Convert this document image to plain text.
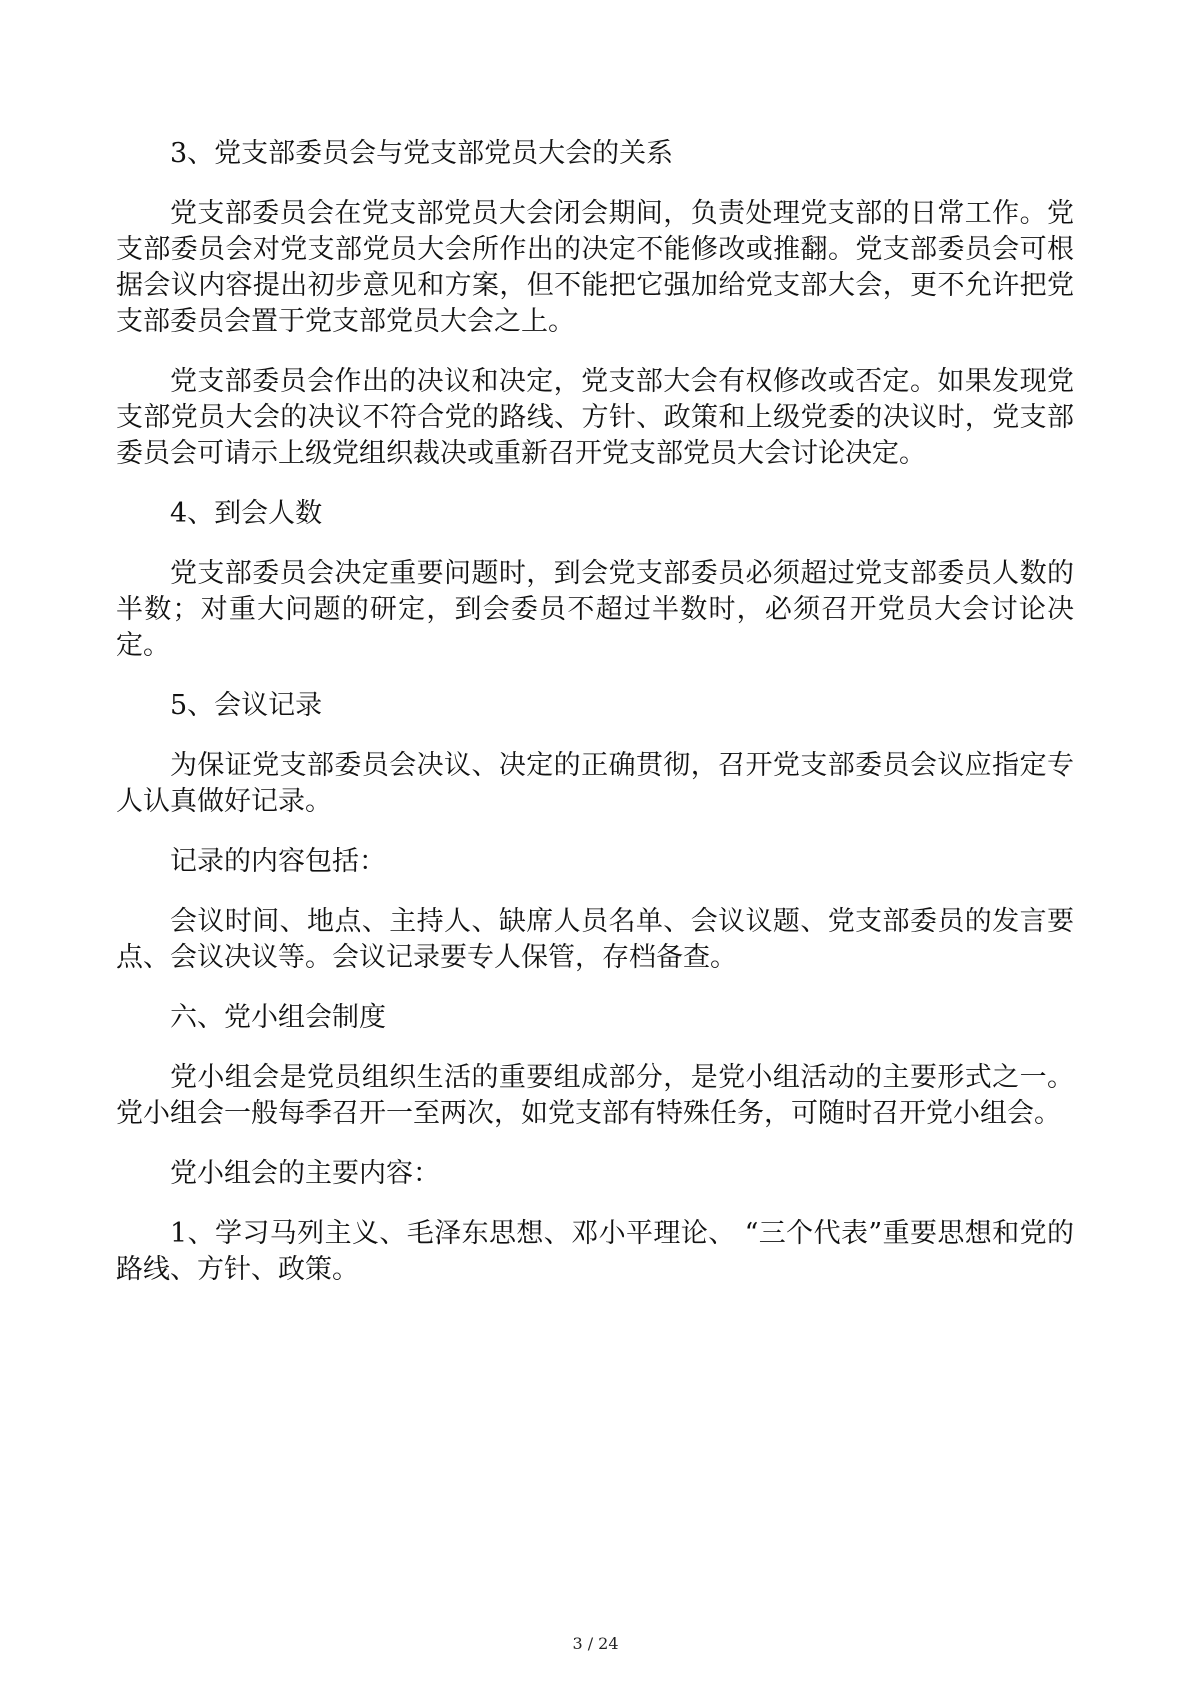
3、党支部委员会与党支部党员大会的关系

党支部委员会在党支部党员大会闭会期间，负责处理党支部的日常工作。党支部委员会对党支部党员大会所作出的决定不能修改或推翻。党支部委员会可根据会议内容提出初步意见和方案，但不能把它强加给党支部大会，更不允许把党支部委员会置于党支部党员大会之上。

党支部委员会作出的决议和决定，党支部大会有权修改或否定。如果发现党支部党员大会的决议不符合党的路线、方针、政策和上级党委的决议时，党支部委员会可请示上级党组织裁决或重新召开党支部党员大会讨论决定。

4、到会人数

党支部委员会决定重要问题时，到会党支部委员必须超过党支部委员人数的半数；对重大问题的研定，到会委员不超过半数时，必须召开党员大会讨论决定。

5、会议记录

为保证党支部委员会决议、决定的正确贯彻，召开党支部委员会议应指定专人认真做好记录。

记录的内容包括：

会议时间、地点、主持人、缺席人员名单、会议议题、党支部委员的发言要点、会议决议等。会议记录要专人保管，存档备查。

六、党小组会制度

党小组会是党员组织生活的重要组成部分，是党小组活动的主要形式之一。党小组会一般每季召开一至两次，如党支部有特殊任务，可随时召开党小组会。

党小组会的主要内容：

1、学习马列主义、毛泽东思想、邓小平理论、 “三个代表”重要思想和党的路线、方针、政策。

3 / 24
